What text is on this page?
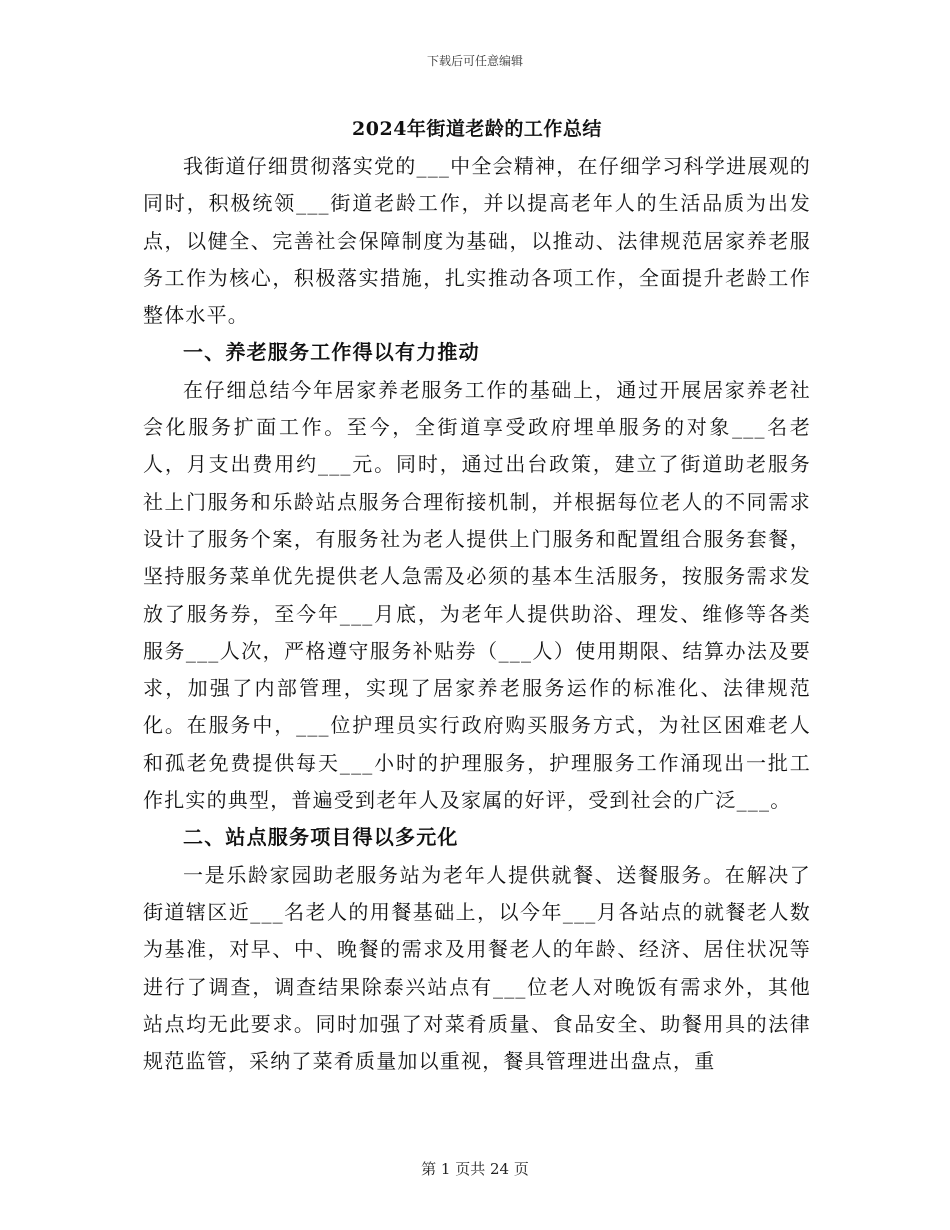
下载后可任意编辑
2024年街道老龄的工作总结

我街道仔细贯彻落实党的___中全会精神，在仔细学习科学进展观的同时，积极统领___街道老龄工作，并以提高老年人的生活品质为出发点，以健全、完善社会保障制度为基础，以推动、法律规范居家养老服务工作为核心，积极落实措施，扎实推动各项工作，全面提升老龄工作整体水平。

一、养老服务工作得以有力推动

在仔细总结今年居家养老服务工作的基础上，通过开展居家养老社会化服务扩面工作。至今，全街道享受政府埋单服务的对象___名老人，月支出费用约___元。同时，通过出台政策，建立了街道助老服务社上门服务和乐龄站点服务合理衔接机制，并根据每位老人的不同需求设计了服务个案，有服务社为老人提供上门服务和配置组合服务套餐，坚持服务菜单优先提供老人急需及必须的基本生活服务，按服务需求发放了服务券，至今年___月底，为老年人提供助浴、理发、维修等各类服务___人次，严格遵守服务补贴券（___人）使用期限、结算办法及要求，加强了内部管理，实现了居家养老服务运作的标准化、法律规范化。在服务中，___位护理员实行政府购买服务方式，为社区困难老人和孤老免费提供每天___小时的护理服务，护理服务工作涌现出一批工作扎实的典型，普遍受到老年人及家属的好评，受到社会的广泛___。

二、站点服务项目得以多元化

一是乐龄家园助老服务站为老年人提供就餐、送餐服务。在解决了街道辖区近___名老人的用餐基础上，以今年___月各站点的就餐老人数为基准，对早、中、晚餐的需求及用餐老人的年龄、经济、居住状况等进行了调查，调查结果除泰兴站点有___位老人对晚饭有需求外，其他站点均无此要求。同时加强了对菜肴质量、食品安全、助餐用具的法律规范监管，采纳了菜肴质量加以重视，餐具管理进出盘点，重

第 1 页共 24 页
